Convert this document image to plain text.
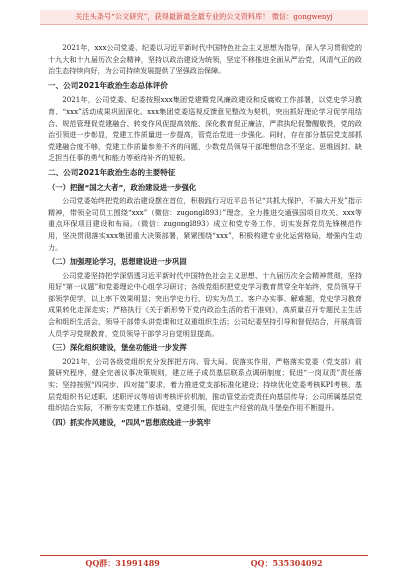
关注头条号“公文研究”，获得最新最全最专业的公文资料库！ 微信：gongwenyj

2021年，xxx公司党委、纪委以习近平新时代中国特色社会主义思想为指导，深入学习贯彻党的十九大和十九届历次全会精神，坚持以政治建设为统领，坚定不移推进全面从严治党，风清气正的政治生态持续向好，为公司持续发展提供了坚强政治保障。

一、公司2021年政治生态总体评价

2021年，公司党委、纪委按照xxx集团党建暨党风廉政建设和反腐败工作部署，以党史学习教育、“xxx”活动成果巩固深化、xxx集团党委巡视反馈意见整改为契机，突出抓好理论学习促学用结合、规范管理促党建融合、转变作风促提高效能、深化教育促正廉洁，严肃执纪促警醒敬畏，党的政治引领进一步彰显，党建工作质量进一步提高，管党治党进一步强化。同时，存在部分基层党支部抓党建融合度不够，党建工作质量参差不齐的问题，少数党员领导干部理想信念不坚定、思维固封、缺乏担当任事的勇气和能力等亟待补齐的短板。

二、公司2021年政治生态的主要特征

（一）把握“国之大者”，政治建设进一步强化

公司党委始终把党的政治建设摆在首位，积极践行习近平总书记“共抓大保护，不搞大开发”指示精神，带领全司员工围绕“xxx”（微信：zugongl893）”理念，全力推进交通强国项目攻关、xxx等重点环保项目建设和布局。（微信：zugongl893）成立和党专务工作，切实发挥党员先锋模范作用，坚决贯彻落实xxx集团重大决策部署，紧紧围绕“xxx”，积极构建专业化运营格局，增强内生动力。

（二）加强理论学习，思想建设进一步巩固

公司党委坚持把学深悟透习近平新时代中国特色社会主义思想、十九届历次全会精神贯彻，坚持用好“第一议题”和党委理论中心组学习研讨；各级党组织把党史学习教育贯穿全年始终，党员领导干部领学促学，以上率下效果明显；突出学史力行，切实为员工、客户办实事、解难题，党史学习教育成果转化走深走实；严格执行《关于新形势下党内政治生活的若干准则》，高质量召开专题民主生活会和组织生活会，领导干部带头讲党课和过双重组织生活；公司纪委坚持引导和督促结合，开展高管人员学习党规教育，党员领导干部学习自觉明显提高。

（三）深化组织建设，堡垒功能进一步发挥

2021年，公司各级党组织充分发挥把方向、管大局、促落实作用，严格落实党委（党支部）前置研究程序，健全完善议事决策规则，建立班子成员基层联系点调研制度；促进“一岗双责”责任落实；坚持按照“四同步、四对接”要求，着力推进党支部标准化建设；持续优化党委考核KPI考核、基层党组织书记述职、述职评议等培训考核评价机制，推动管党治党责任向基层传导；公司所属基层党组织结合实际，不断夯实党建工作基础，党建引领，促进生产经营的战斗堡垒作用不断提升。

（四）抓实作风建设，“四风”思想底线进一步筑牢

QQ群：31991489	QQ：535304092
